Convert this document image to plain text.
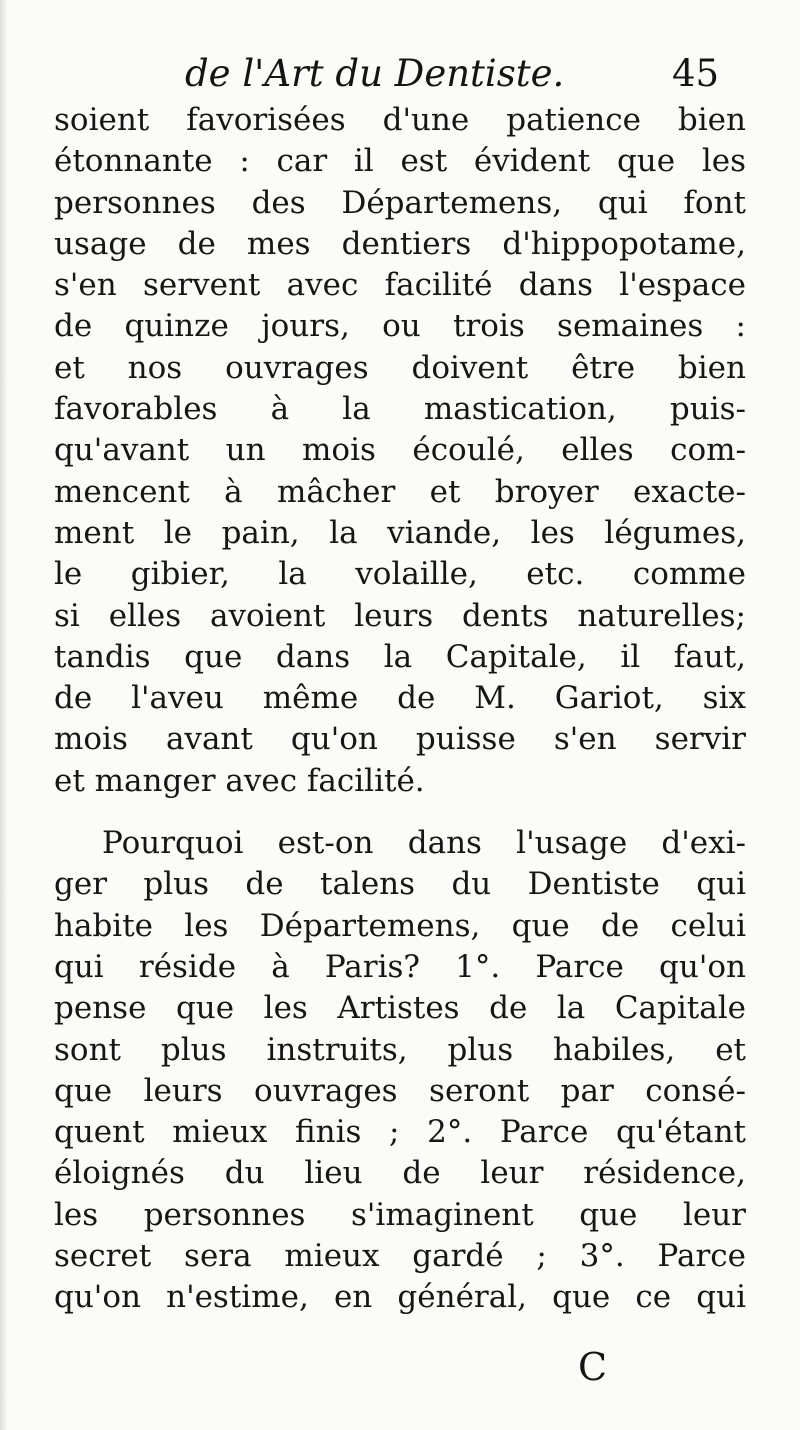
de l'Art du Dentiste.	45
soient favorisées d'une patience bien
étonnante : car il est évident que les
personnes des Départemens, qui font
usage de mes dentiers d'hippopotame,
s'en servent avec facilité dans l'espace
de quinze jours, ou trois semaines :
et nos ouvrages doivent être bien
favorables à la mastication, puis-
qu'avant un mois écoulé, elles com-
mencent à mâcher et broyer exacte-
ment le pain, la viande, les légumes,
le gibier, la volaille, etc. comme
si elles avoient leurs dents naturelles;
tandis que dans la Capitale, il faut,
de l'aveu même de M. Gariot, six
mois avant qu'on puisse s'en servir
et manger avec facilité.
Pourquoi est-on dans l'usage d'exi-
ger plus de talens du Dentiste qui
habite les Départemens, que de celui
qui réside à Paris? 1°. Parce qu'on
pense que les Artistes de la Capitale
sont plus instruits, plus habiles, et
que leurs ouvrages seront par consé-
quent mieux finis ; 2°. Parce qu'étant
éloignés du lieu de leur résidence,
les personnes s'imaginent que leur
secret sera mieux gardé ; 3°. Parce
qu'on n'estime, en général, que ce qui
C
